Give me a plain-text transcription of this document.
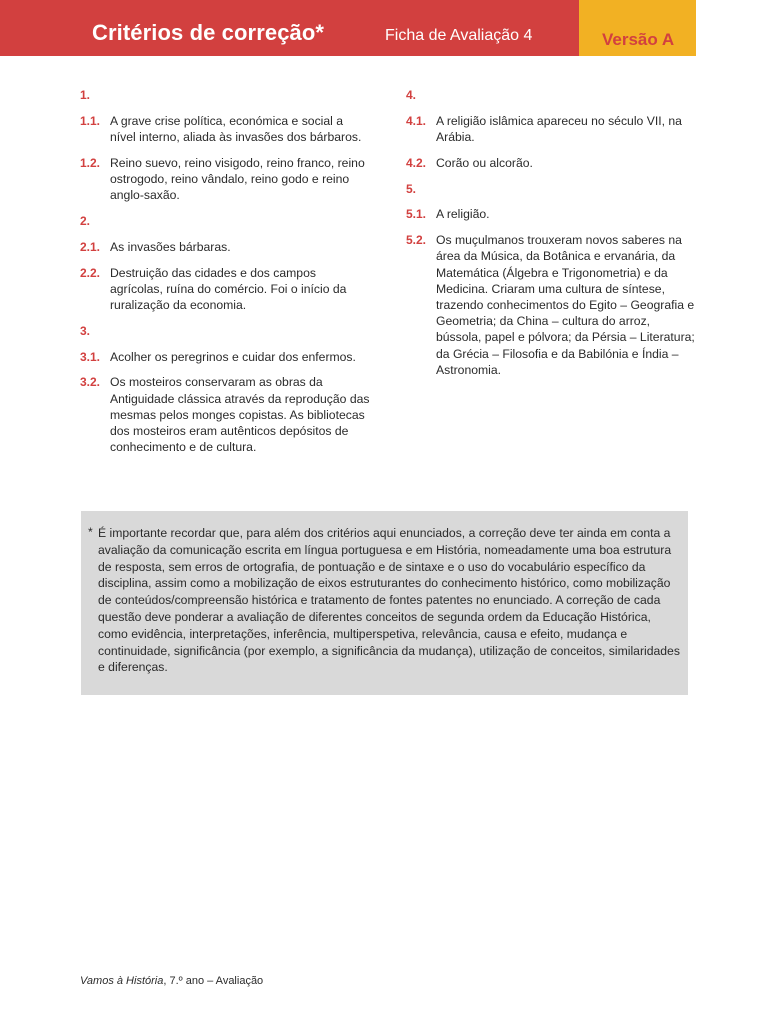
Critérios de correção*	Ficha de Avaliação 4	Versão A
1.

1.1. A grave crise política, económica e social a nível interno, aliada às invasões dos bárbaros.
1.2. Reino suevo, reino visigodo, reino franco, reino ostrogodo, reino vândalo, reino godo e reino anglo-saxão.
2.

2.1. As invasões bárbaras.
2.2. Destruição das cidades e dos campos agrícolas, ruína do comércio. Foi o início da ruralização da economia.
3.

3.1. Acolher os peregrinos e cuidar dos enfermos.
3.2. Os mosteiros conservaram as obras da Antiguidade clássica através da reprodução das mesmas pelos monges copistas. As bibliotecas dos mosteiros eram autênticos depósitos de conhecimento e de cultura.
4.

4.1. A religião islâmica apareceu no século VII, na Arábia.
4.2. Corão ou alcorão.
5.

5.1. A religião.
5.2. Os muçulmanos trouxeram novos saberes na área da Música, da Botânica e ervanária, da Matemática (Álgebra e Trigonometria) e da Medicina. Criaram uma cultura de síntese, trazendo conhecimentos do Egito – Geografia e Geometria; da China – cultura do arroz, bússola, papel e pólvora; da Pérsia – Literatura; da Grécia – Filosofia e da Babilónia e Índia – Astronomia.
* É importante recordar que, para além dos critérios aqui enunciados, a correção deve ter ainda em conta a avaliação da comunicação escrita em língua portuguesa e em História, nomeadamente uma boa estrutura de resposta, sem erros de ortografia, de pontuação e de sintaxe e o uso do vocabulário específico da disciplina, assim como a mobilização de eixos estruturantes do conhecimento histórico, como mobilização de conteúdos/compreensão histórica e tratamento de fontes patentes no enunciado. A correção de cada questão deve ponderar a avaliação de diferentes conceitos de segunda ordem da Educação Histórica, como evidência, interpretações, inferência, multiperspetiva, relevância, causa e efeito, mudança e continuidade, significância (por exemplo, a significância da mudança), utilização de conceitos, similaridades e diferenças.
Vamos à História, 7.º ano – Avaliação
